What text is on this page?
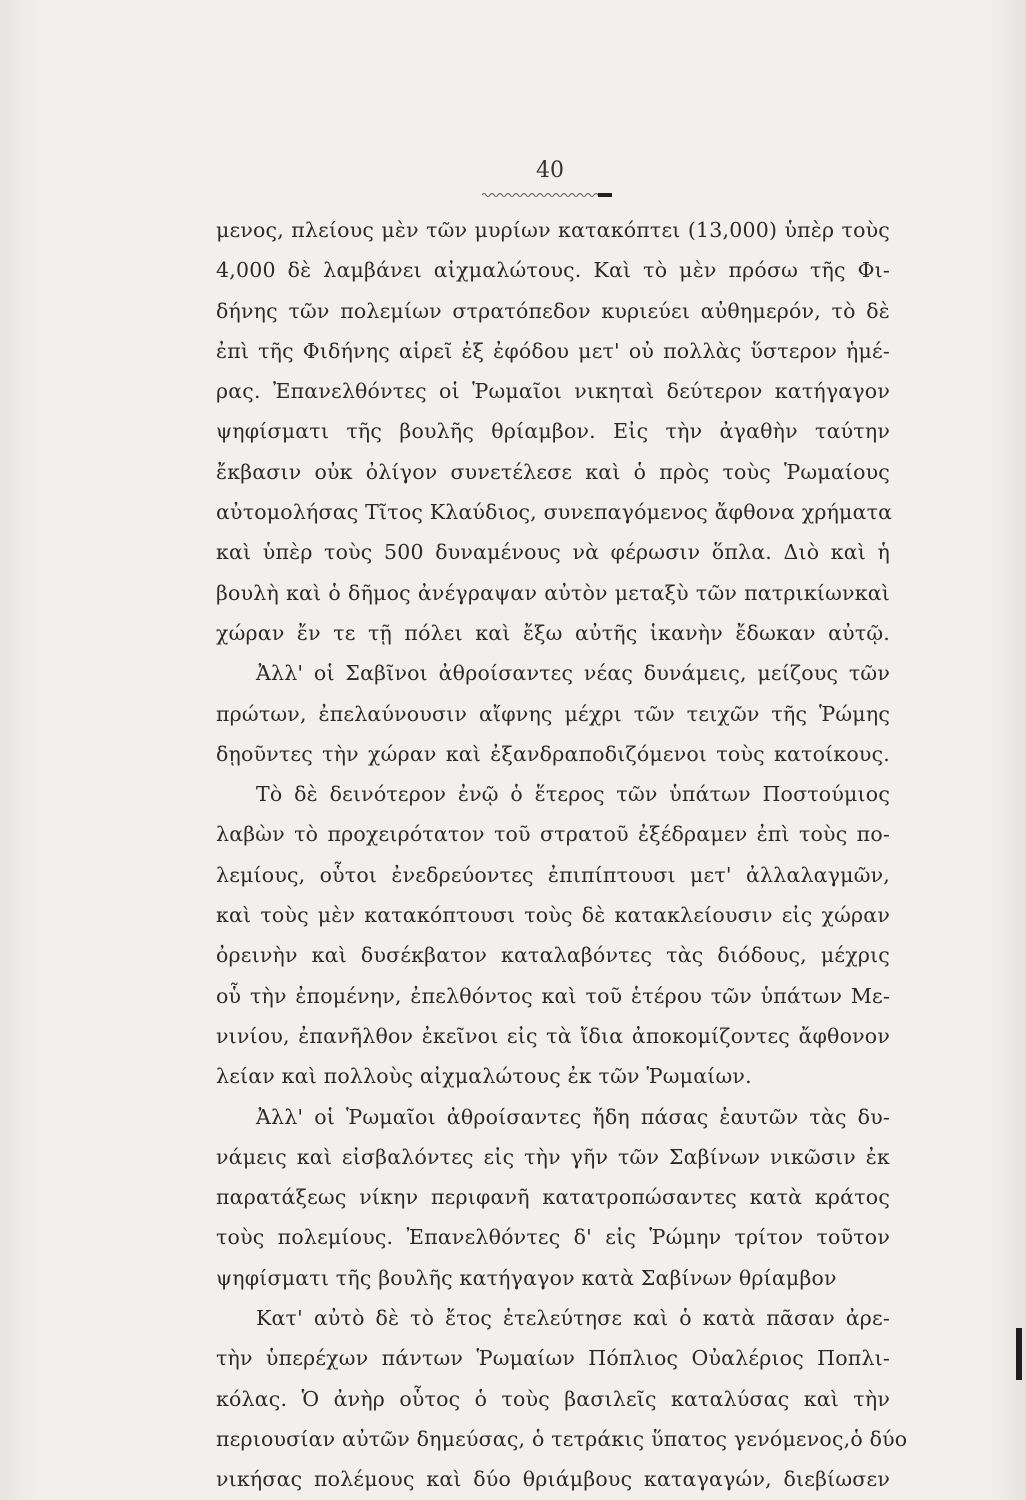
40
μενος, πλείους μὲν τῶν μυρίων κατακόπτει (13,000) ὑπὲρ τοὺς
4,000 δὲ λαμβάνει αἰχμαλώτους. Καὶ τὸ μὲν πρόσω τῆς Φι-
δήνης τῶν πολεμίων στρατόπεδον κυριεύει αὐθημερόν, τὸ δὲ
ἐπὶ τῆς Φιδήνης αἱρεῖ ἐξ ἐφόδου μετ' οὐ πολλὰς ὕστερον ἡμέ-
ρας. Ἐπανελθόντες οἱ Ῥωμαῖοι νικηταὶ δεύτερον κατήγαγον
ψηφίσματι τῆς βουλῆς θρίαμβον. Εἰς τὴν ἀγαθὴν ταύτην
ἔκβασιν οὐκ ὀλίγον συνετέλεσε καὶ ὁ πρὸς τοὺς Ῥωμαίους
αὐτομολήσας Τῖτος Κλαύδιος, συνεπαγόμενος ἄφθονα χρήματα
καὶ ὑπὲρ τοὺς 500 δυναμένους νὰ φέρωσιν ὅπλα. Διὸ καὶ ἡ
βουλὴ καὶ ὁ δῆμος ἀνέγραψαν αὐτὸν μεταξὺ τῶν πατρικίωνκαὶ
χώραν ἔν τε τῇ πόλει καὶ ἔξω αὐτῆς ἱκανὴν ἔδωκαν αὐτῷ.
Ἀλλ' οἱ Σαβῖνοι ἀθροίσαντες νέας δυνάμεις, μείζους τῶν
πρώτων, ἐπελαύνουσιν αἴφνης μέχρι τῶν τειχῶν τῆς Ῥώμης
δῃοῦντες τὴν χώραν καὶ ἐξανδραποδιζόμενοι τοὺς κατοίκους.
Τὸ δὲ δεινότερον ἐνῷ ὁ ἕτερος τῶν ὑπάτων Ποστούμιος
λαβὼν τὸ προχειρότατον τοῦ στρατοῦ ἐξέδραμεν ἐπὶ τοὺς πο-
λεμίους, οὗτοι ἐνεδρεύοντες ἐπιπίπτουσι μετ' ἀλλαλαγμῶν,
καὶ τοὺς μὲν κατακόπτουσι τοὺς δὲ κατακλείουσιν εἰς χώραν
ὀρεινὴν καὶ δυσέκβατον καταλαβόντες τὰς διόδους, μέχρις
οὗ τὴν ἐπομένην, ἐπελθόντος καὶ τοῦ ἑτέρου τῶν ὑπάτων Με-
νινίου, ἐπανῆλθον ἐκεῖνοι εἰς τὰ ἴδια ἀποκομίζοντες ἄφθονον
λείαν καὶ πολλοὺς αἰχμαλώτους ἐκ τῶν Ῥωμαίων.
Ἀλλ' οἱ Ῥωμαῖοι ἀθροίσαντες ἤδη πάσας ἑαυτῶν τὰς δυ-
νάμεις καὶ εἰσβαλόντες εἰς τὴν γῆν τῶν Σαβίνων νικῶσιν ἐκ
παρατάξεως νίκην περιφανῆ κατατροπώσαντες κατὰ κράτος
τοὺς πολεμίους. Ἐπανελθόντες δ' εἰς Ῥώμην τρίτον τοῦτον
ψηφίσματι τῆς βουλῆς κατήγαγον κατὰ Σαβίνων θρίαμβον
Κατ' αὐτὸ δὲ τὸ ἔτος ἐτελεύτησε καὶ ὁ κατὰ πᾶσαν ἀρε-
τὴν ὑπερέχων πάντων Ῥωμαίων Πόπλιος Οὐαλέριος Ποπλι-
κόλας. Ὁ ἀνὴρ οὗτος ὁ τοὺς βασιλεῖς καταλύσας καὶ τὴν
περιουσίαν αὐτῶν δημεύσας, ὁ τετράκις ὕπατος γενόμενος,ὁ δύο
νικήσας πολέμους καὶ δύο θριάμβους καταγαγών, διεβίωσεν
